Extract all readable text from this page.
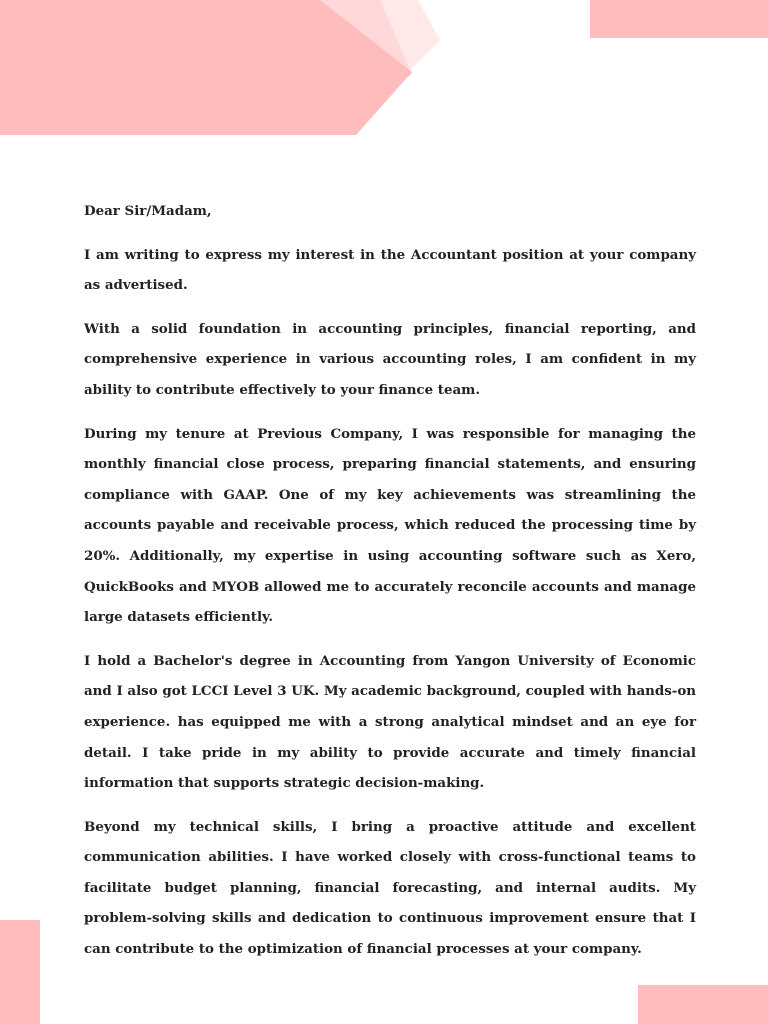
Dear Sir/Madam,

I am writing to express my interest in the Accountant position at your company as advertised.

With a solid foundation in accounting principles, financial reporting, and comprehensive experience in various accounting roles, I am confident in my ability to contribute effectively to your finance team.

During my tenure at Previous Company, I was responsible for managing the monthly financial close process, preparing financial statements, and ensuring compliance with GAAP. One of my key achievements was streamlining the accounts payable and receivable process, which reduced the processing time by 20%. Additionally, my expertise in using accounting software such as Xero, QuickBooks and MYOB allowed me to accurately reconcile accounts and manage large datasets efficiently.

I hold a Bachelor's degree in Accounting from Yangon University of Economic and I also got LCCI Level 3 UK. My academic background, coupled with hands-on experience. has equipped me with a strong analytical mindset and an eye for detail. I take pride in my ability to provide accurate and timely financial information that supports strategic decision-making.

Beyond my technical skills, I bring a proactive attitude and excellent communication abilities. I have worked closely with cross-functional teams to facilitate budget planning, financial forecasting, and internal audits. My problem-solving skills and dedication to continuous improvement ensure that I can contribute to the optimization of financial processes at your company.
